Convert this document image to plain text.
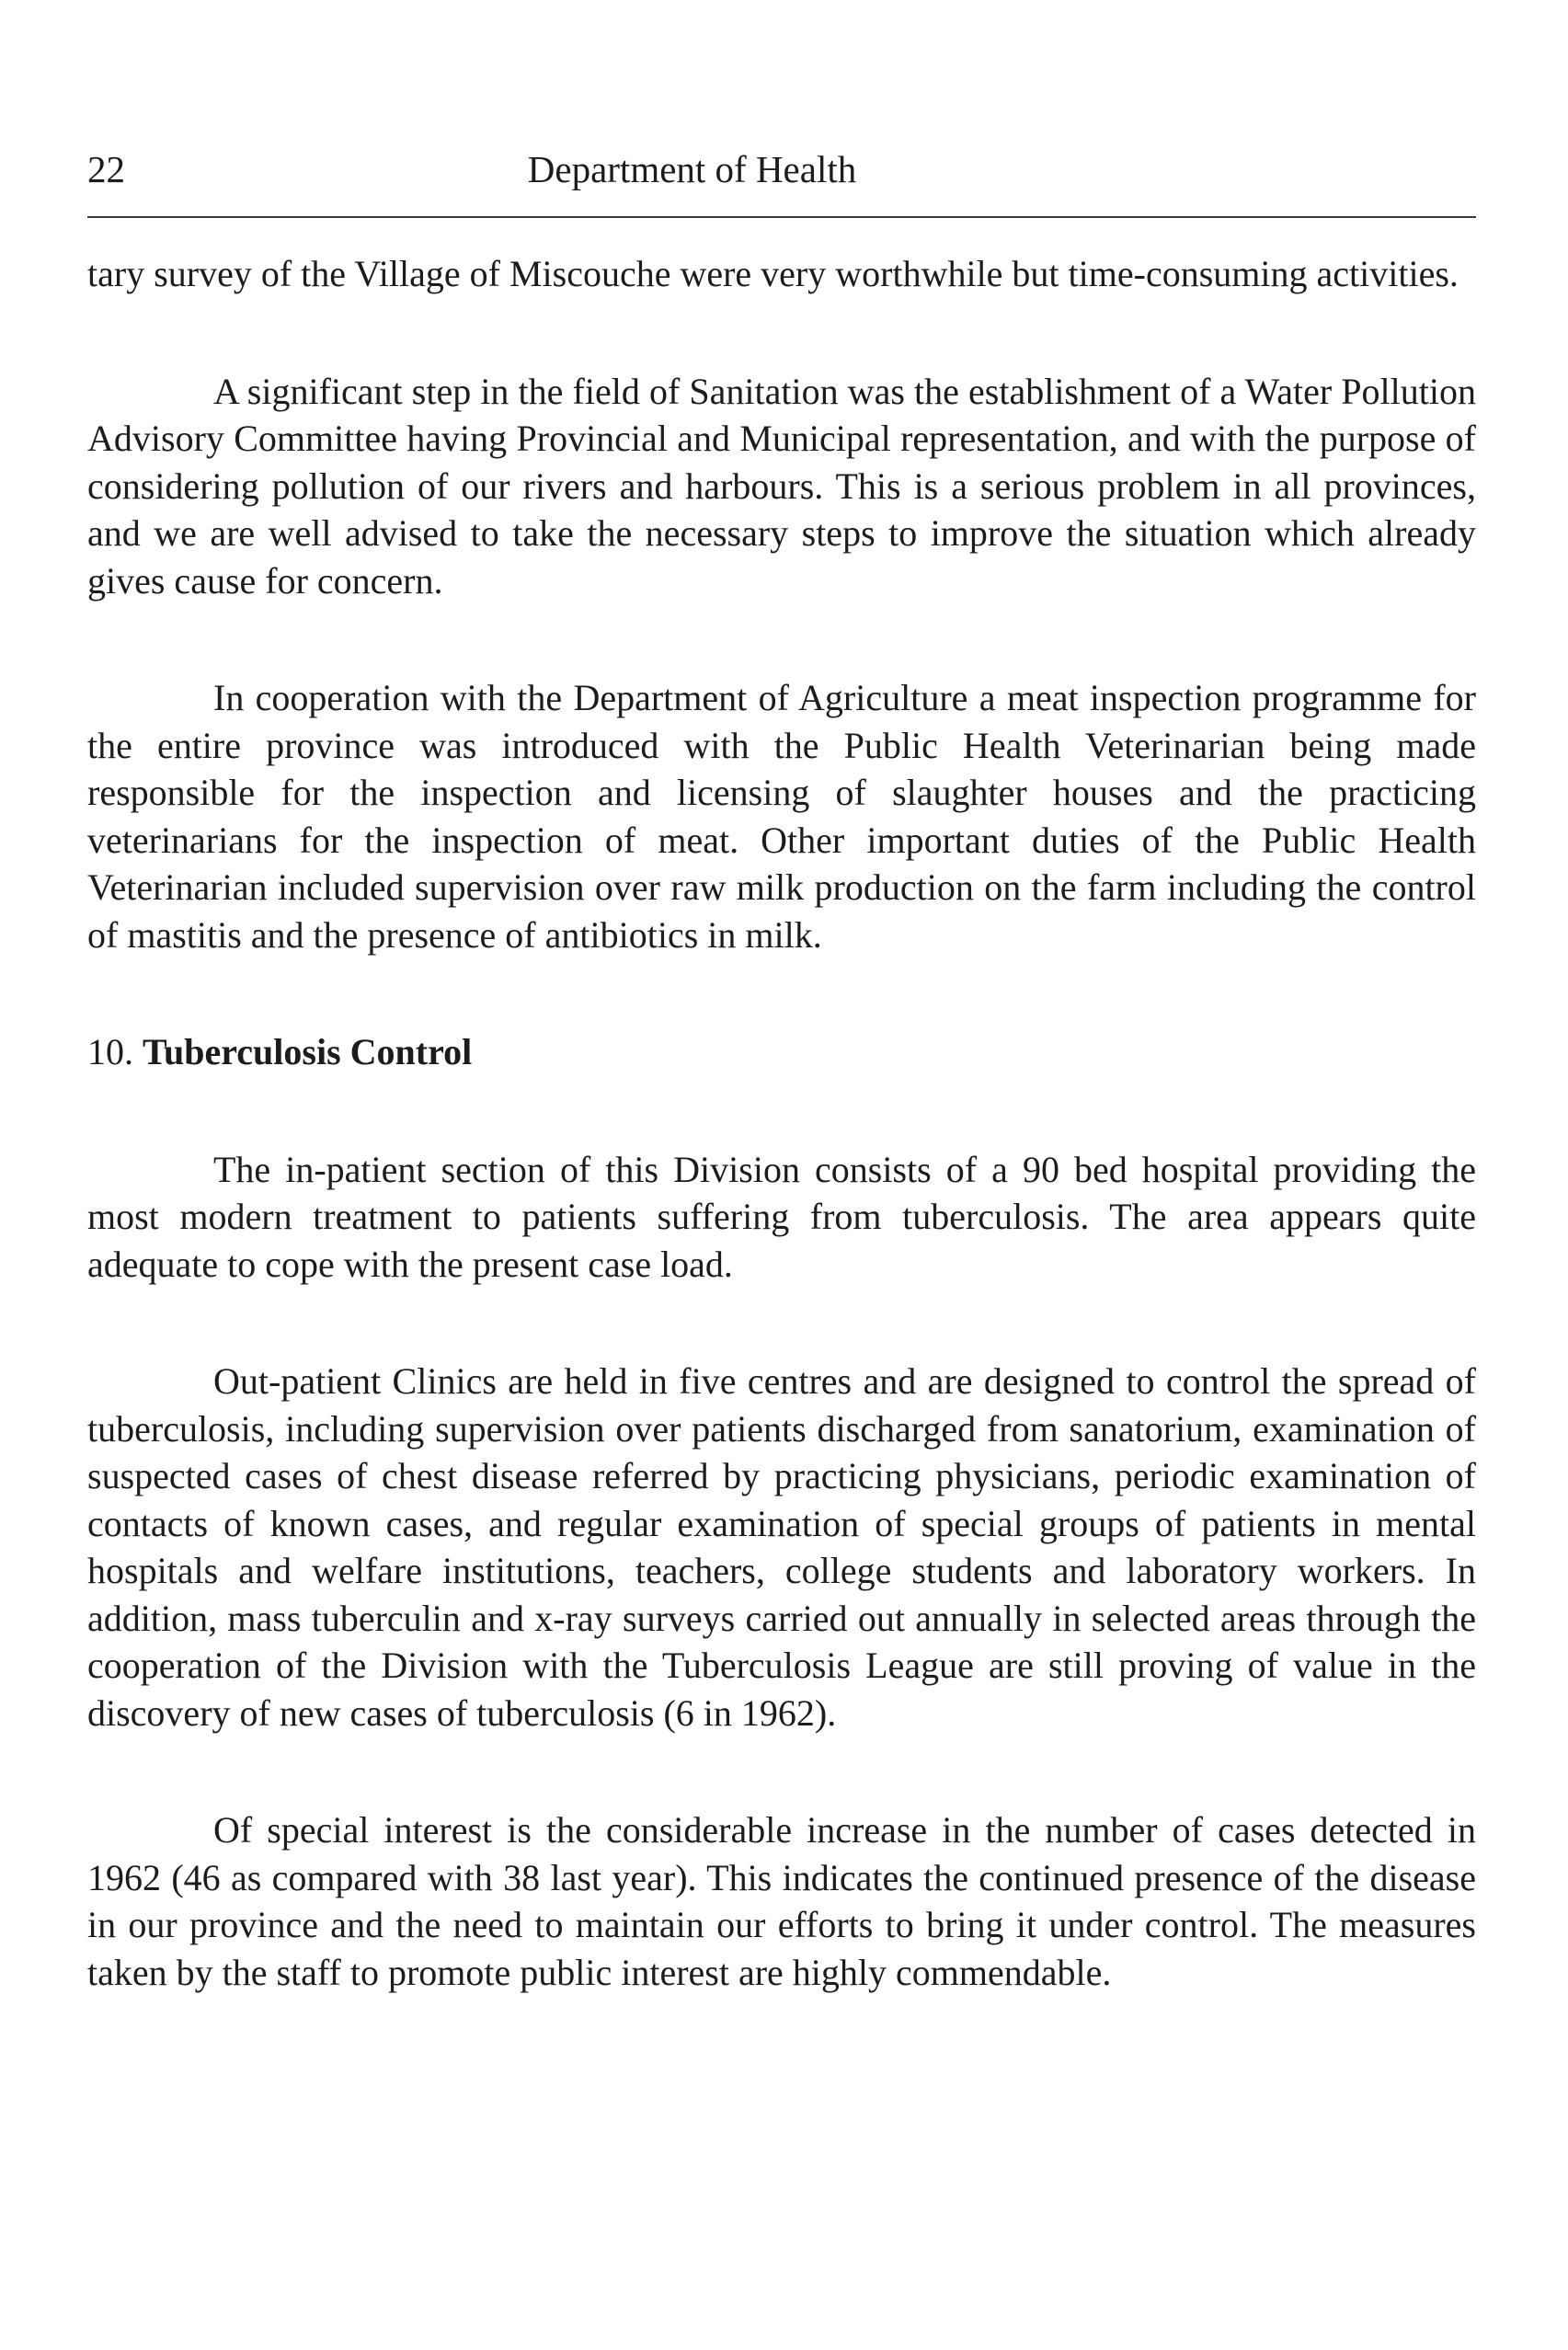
22	Department of Health

tary survey of the Village of Miscouche were very worthwhile but time-consuming activities.

A significant step in the field of Sanitation was the establishment of a Water Pollution Advisory Committee having Provincial and Municipal representation, and with the purpose of considering pollution of our rivers and harbours. This is a serious problem in all provinces, and we are well advised to take the necessary steps to improve the situation which already gives cause for concern.

In cooperation with the Department of Agriculture a meat inspection programme for the entire province was introduced with the Public Health Veterinarian being made responsible for the inspection and licensing of slaughter houses and the practicing veterinarians for the inspection of meat. Other important duties of the Public Health Veterinarian included supervision over raw milk production on the farm including the control of mastitis and the presence of antibiotics in milk.

10. Tuberculosis Control

The in-patient section of this Division consists of a 90 bed hospital providing the most modern treatment to patients suffering from tuberculosis. The area appears quite adequate to cope with the present case load.

Out-patient Clinics are held in five centres and are designed to control the spread of tuberculosis, including supervision over patients discharged from sanatorium, examination of suspected cases of chest disease referred by practicing physicians, periodic examination of contacts of known cases, and regular examination of special groups of patients in mental hospitals and welfare institutions, teachers, college students and laboratory workers. In addition, mass tuberculin and x-ray surveys carried out annually in selected areas through the cooperation of the Division with the Tuberculosis League are still proving of value in the discovery of new cases of tuberculosis (6 in 1962).

Of special interest is the considerable increase in the number of cases detected in 1962 (46 as compared with 38 last year). This indicates the continued presence of the disease in our province and the need to maintain our efforts to bring it under control. The measures taken by the staff to promote public interest are highly commendable.
